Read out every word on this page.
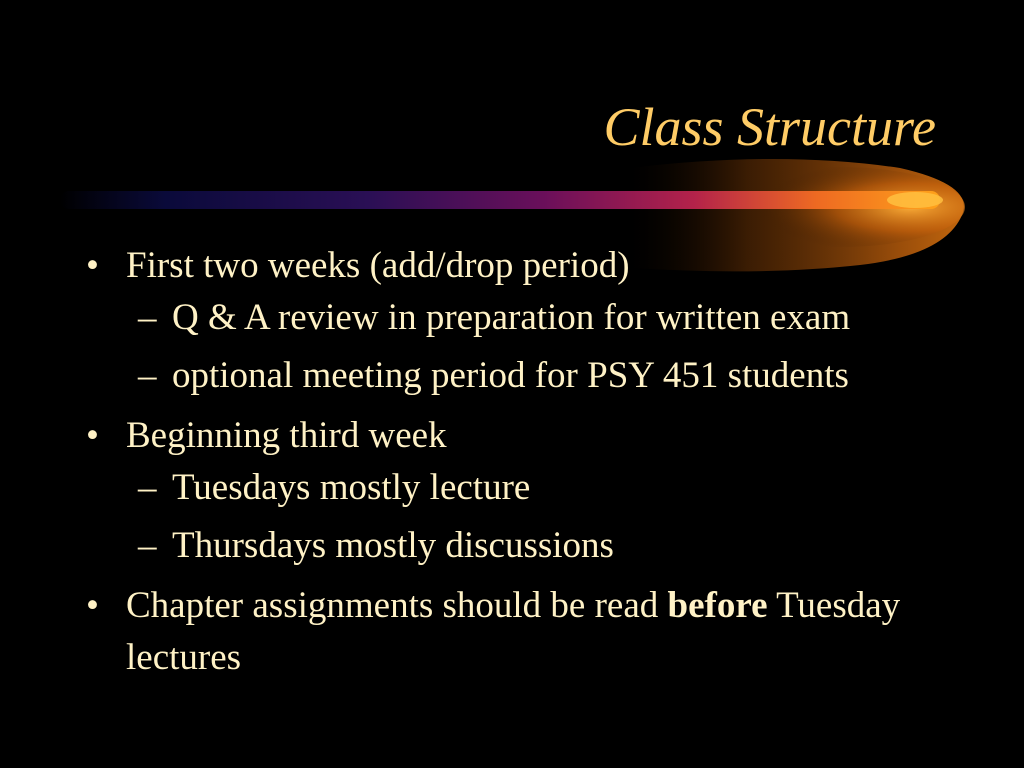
Class Structure
• First two weeks (add/drop period)
– Q & A review in preparation for written exam
– optional meeting period for PSY 451 students
• Beginning third week
– Tuesdays mostly lecture
– Thursdays mostly discussions
• Chapter assignments should be read before Tuesday lectures
